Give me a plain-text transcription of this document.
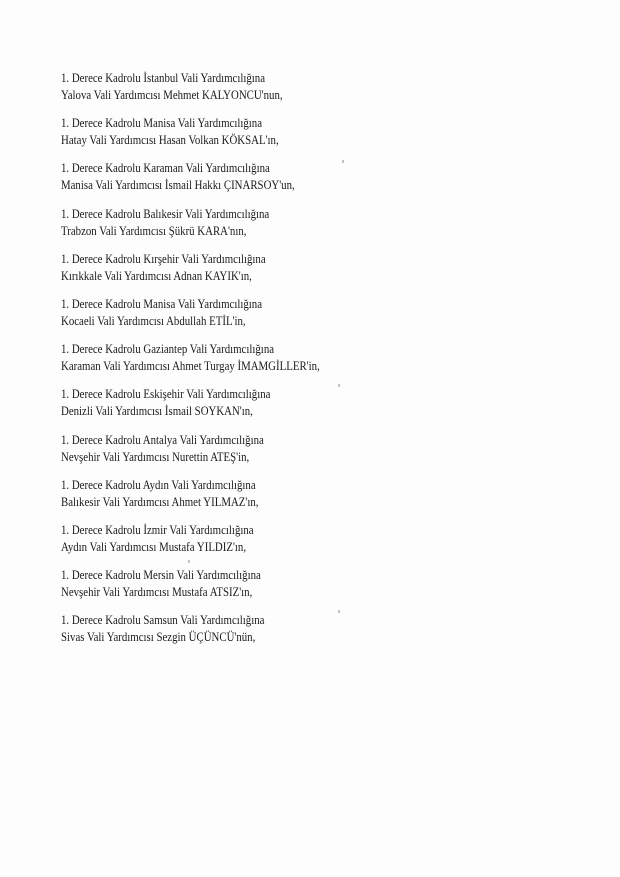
1. Derece Kadrolu İstanbul Vali Yardımcılığına
Yalova Vali Yardımcısı Mehmet KALYONCU'nun,
1. Derece Kadrolu Manisa Vali Yardımcılığına
Hatay Vali Yardımcısı Hasan Volkan KÖKSAL'ın,
1. Derece Kadrolu Karaman Vali Yardımcılığına
Manisa Vali Yardımcısı İsmail Hakkı ÇINARSOY'un,
1. Derece Kadrolu Balıkesir Vali Yardımcılığına
Trabzon Vali Yardımcısı Şükrü KARA'nın,
1. Derece Kadrolu Kırşehir Vali Yardımcılığına
Kırıkkale Vali Yardımcısı Adnan KAYIK'ın,
1. Derece Kadrolu Manisa Vali Yardımcılığına
Kocaeli Vali Yardımcısı Abdullah ETİL'in,
1. Derece Kadrolu Gaziantep Vali Yardımcılığına
Karaman Vali Yardımcısı Ahmet Turgay İMAMGİLLER'in,
1. Derece Kadrolu Eskişehir Vali Yardımcılığına
Denizli Vali Yardımcısı İsmail SOYKAN'ın,
1. Derece Kadrolu Antalya Vali Yardımcılığına
Nevşehir Vali Yardımcısı Nurettin ATEŞ'in,
1. Derece Kadrolu Aydın Vali Yardımcılığına
Balıkesir Vali Yardımcısı Ahmet YILMAZ'ın,
1. Derece Kadrolu İzmir Vali Yardımcılığına
Aydın Vali Yardımcısı Mustafa YILDIZ'ın,
1. Derece Kadrolu Mersin Vali Yardımcılığına
Nevşehir Vali Yardımcısı Mustafa ATSIZ'ın,
1. Derece Kadrolu Samsun Vali Yardımcılığına
Sivas Vali Yardımcısı Sezgin ÜÇÜNCÜ'nün,
